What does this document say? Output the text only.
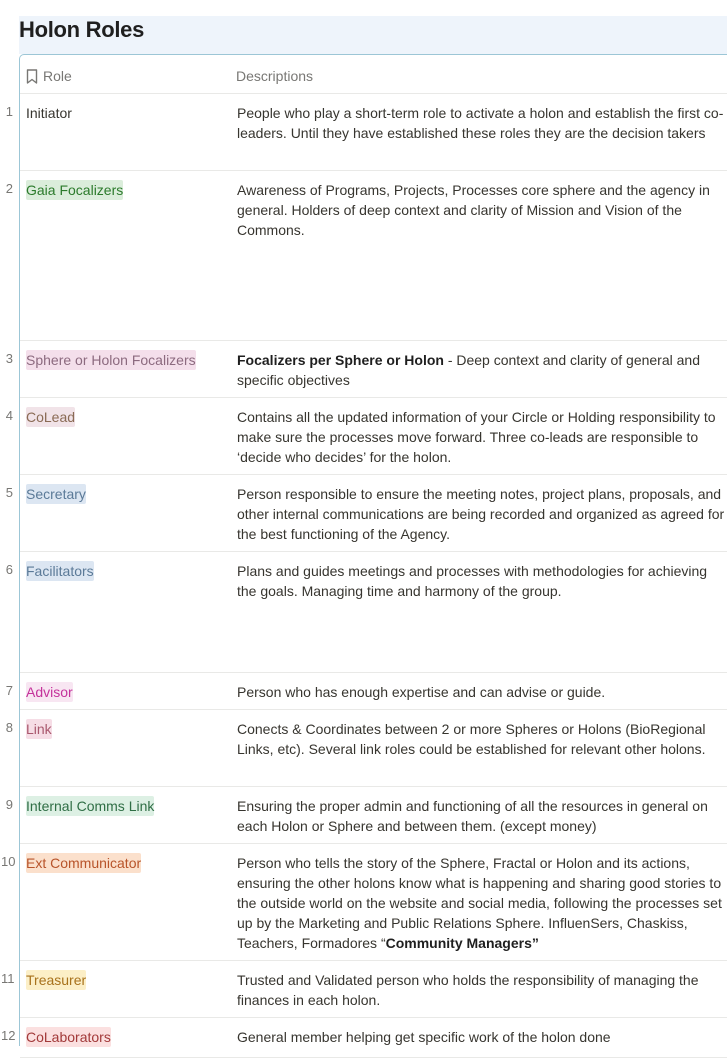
Holon Roles
Role	Descriptions
1 Initiator	People who play a short-term role to activate a holon and establish the first co-leaders. Until they have established these roles they are the decision takers
2 Gaia Focalizers	Awareness of Programs, Projects, Processes core sphere and the agency in general. Holders of deep context and clarity of Mission and Vision of the Commons.
3 Sphere or Holon Focalizers	Focalizers per Sphere or Holon - Deep context and clarity of general and specific objectives
4 CoLead	Contains all the updated information of your Circle or Holding responsibility to make sure the processes move forward. Three co-leads are responsible to ‘decide who decides’ for the holon.
5 Secretary	Person responsible to ensure the meeting notes, project plans, proposals, and other internal communications are being recorded and organized as agreed for the best functioning of the Agency.
6 Facilitators	Plans and guides meetings and processes with methodologies for achieving the goals. Managing time and harmony of the group.
7 Advisor	Person who has enough expertise and can advise or guide.
8 Link	Conects & Coordinates between 2 or more Spheres or Holons (BioRegional Links, etc). Several link roles could be established for relevant other holons.
9 Internal Comms Link	Ensuring the proper admin and functioning of all the resources in general on each Holon or Sphere and between them. (except money)
10 Ext Communicator	Person who tells the story of the Sphere, Fractal or Holon and its actions, ensuring the other holons know what is happening and sharing good stories to the outside world on the website and social media, following the processes set up by the Marketing and Public Relations Sphere. InfluenSers, Chaskiss, Teachers, Formadores “Community Managers”
11 Treasurer	Trusted and Validated person who holds the responsibility of managing the finances in each holon.
12 CoLaborators	General member helping get specific work of the holon done
